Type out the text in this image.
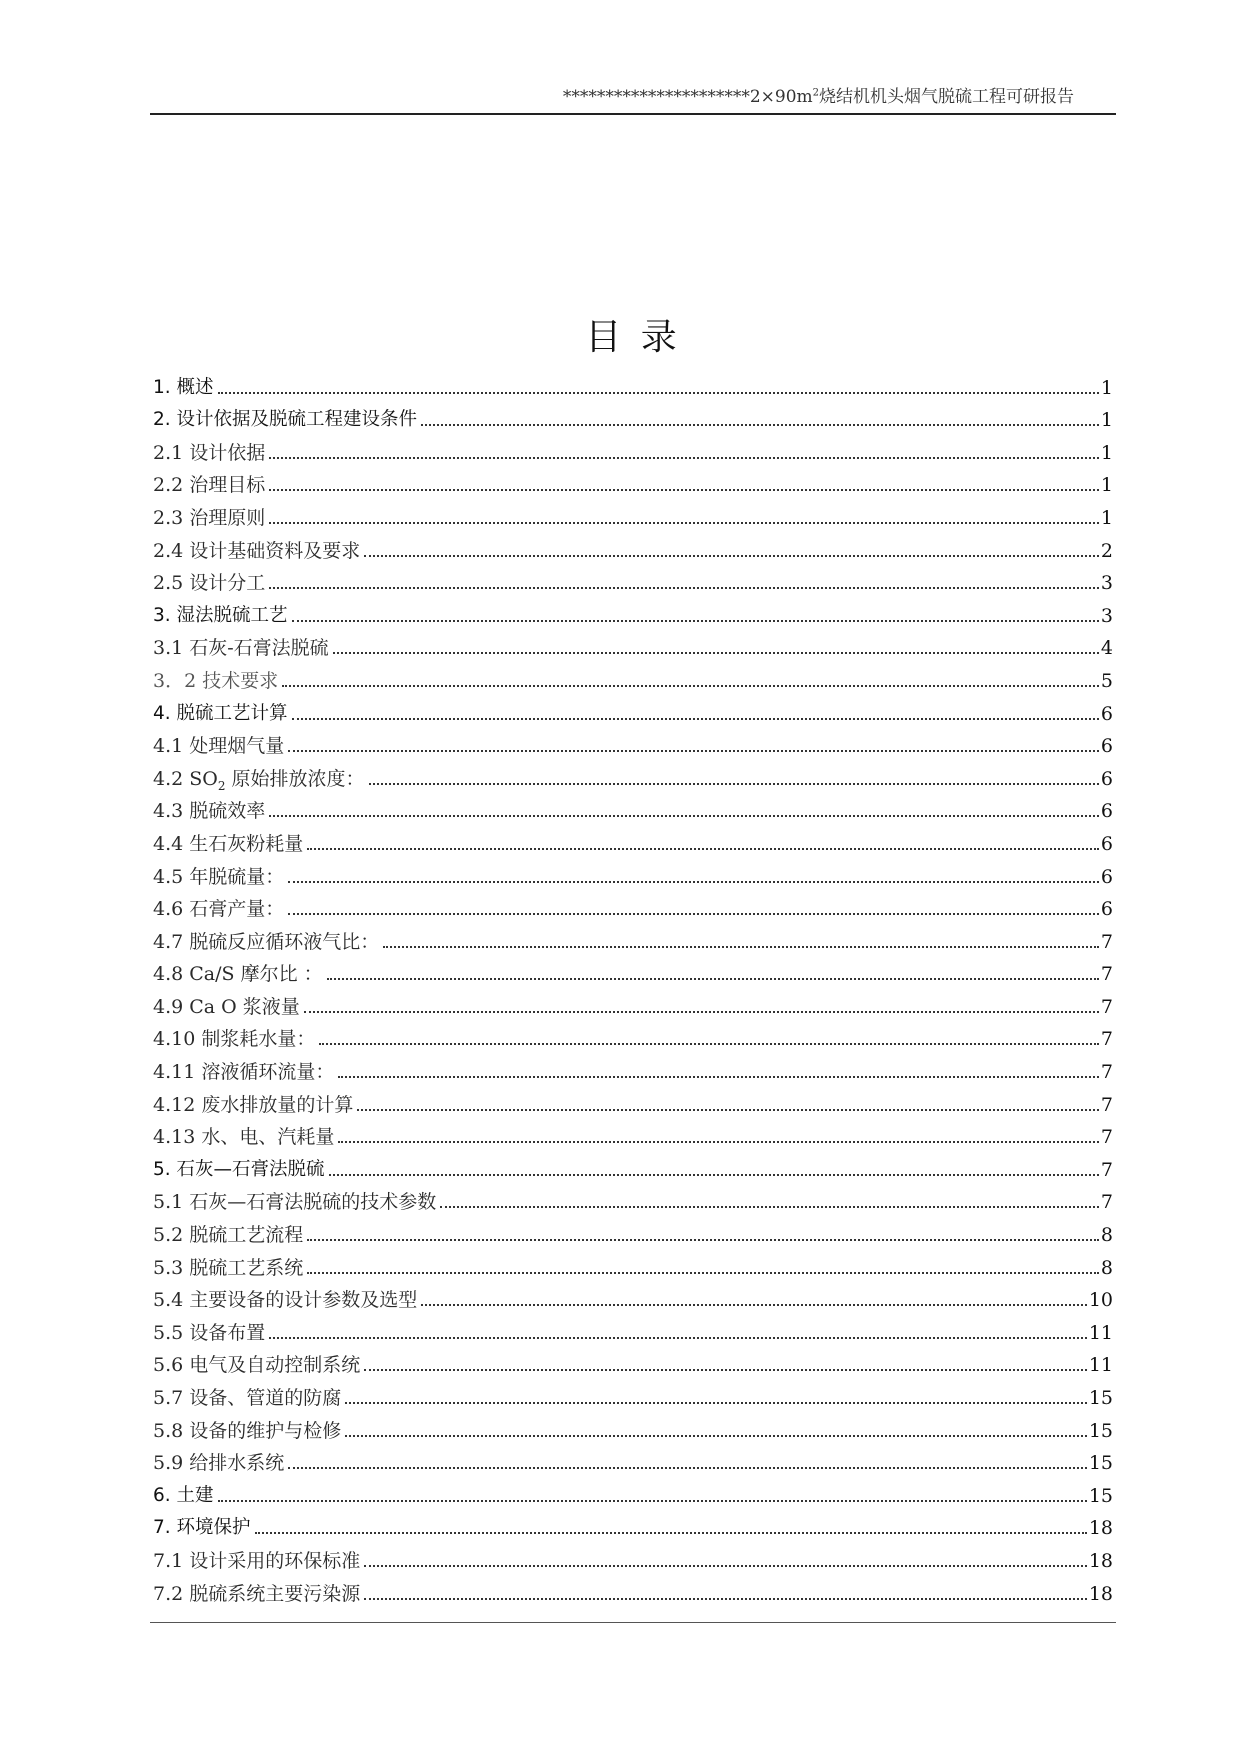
$**********************2\times 90m^2$烧结机机头烟气脱硫工程可研报告
目 录
1. 概述	1
2. 设计依据及脱硫工程建设条件	1
2.1 设计依据	1
2.2 治理目标	1
2.3 治理原则	1
2.4 设计基础资料及要求	2
2.5 设计分工	3
3. 湿法脱硫工艺	3
3.1 石灰-石膏法脱硫	4
3．2 技术要求	5
4. 脱硫工艺计算	6
4.1 处理烟气量	6
4.2 $SO_2$ 原始排放浓度：	6
4.3 脱硫效率	6
4.4 生石灰粉耗量	6
4.5 年脱硫量：	6
4.6 石膏产量：	6
4.7 脱硫反应循环液气比：	7
4.8 Ca/S 摩尔比 ：	7
4.9 Ca O 浆液量	7
4.10 制浆耗水量：	7
4.11 溶液循环流量：	7
4.12 废水排放量的计算	7
4.13 水、电、汽耗量	7
5. 石灰—石膏法脱硫	7
5.1 石灰—石膏法脱硫的技术参数	7
5.2 脱硫工艺流程	8
5.3 脱硫工艺系统	8
5.4 主要设备的设计参数及选型	10
5.5 设备布置	11
5.6 电气及自动控制系统	11
5.7 设备、管道的防腐	15
5.8 设备的维护与检修	15
5.9 给排水系统	15
6. 土建	15
7. 环境保护	18
7.1 设计采用的环保标准	18
7.2 脱硫系统主要污染源	18
